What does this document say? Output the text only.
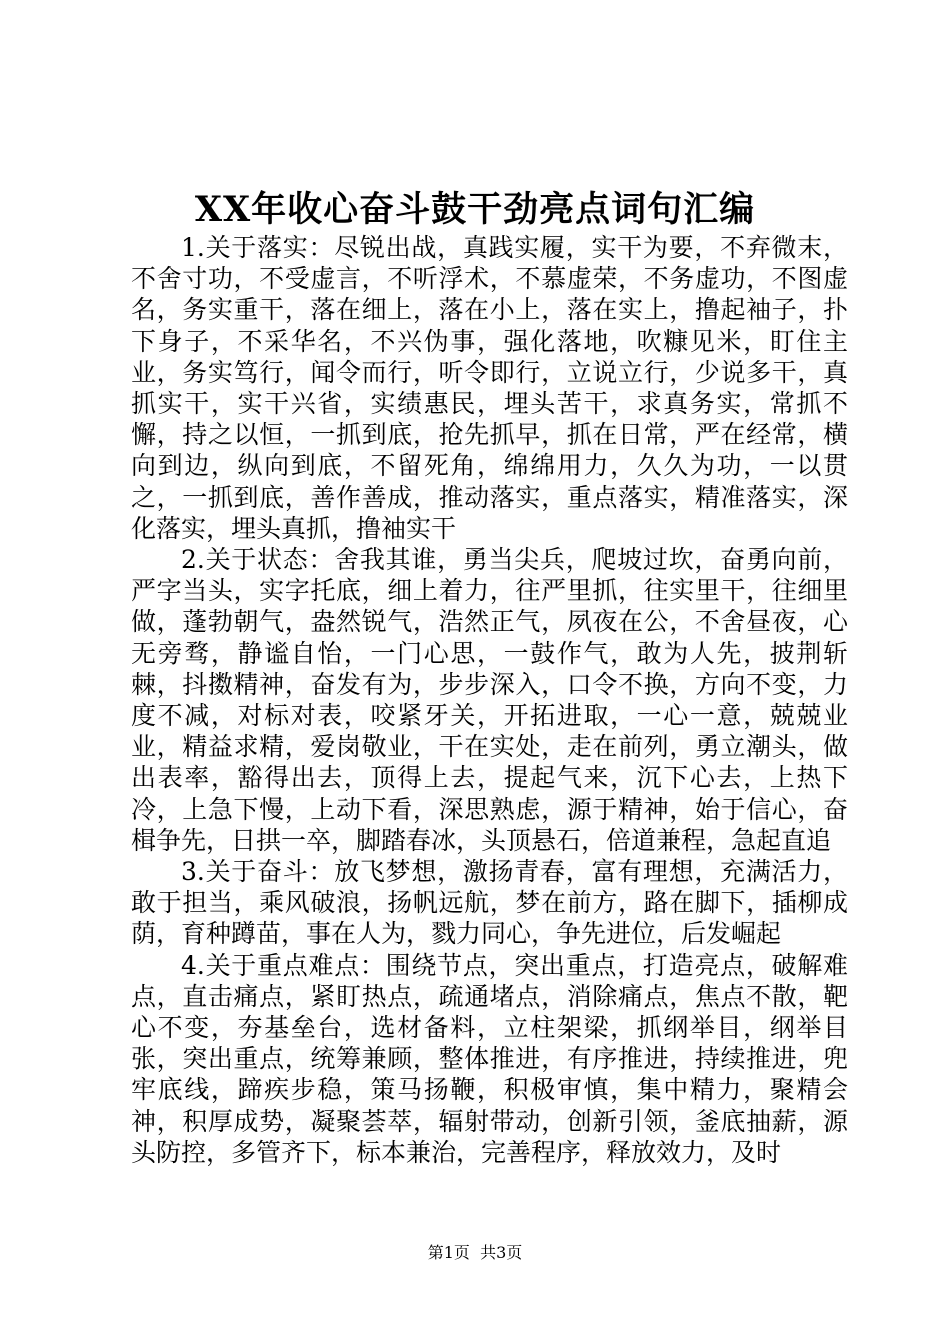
XX年收心奋斗鼓干劲亮点词句汇编

1.关于落实：尽锐出战，真践实履，实干为要，不弃微末，不舍寸功，不受虚言，不听浮术，不慕虚荣，不务虚功，不图虚名，务实重干，落在细上，落在小上，落在实上，撸起袖子，扑下身子，不采华名，不兴伪事，强化落地，吹糠见米，盯住主业，务实笃行，闻令而行，听令即行，立说立行，少说多干，真抓实干，实干兴省，实绩惠民，埋头苦干，求真务实，常抓不懈，持之以恒，一抓到底，抢先抓早，抓在日常，严在经常，横向到边，纵向到底，不留死角，绵绵用力，久久为功，一以贯之，一抓到底，善作善成，推动落实，重点落实，精准落实，深化落实，埋头真抓，撸袖实干

2.关于状态：舍我其谁，勇当尖兵，爬坡过坎，奋勇向前，严字当头，实字托底，细上着力，往严里抓，往实里干，往细里做，蓬勃朝气，盎然锐气，浩然正气，夙夜在公，不舍昼夜，心无旁骛，静谧自怡，一门心思，一鼓作气，敢为人先，披荆斩棘，抖擞精神，奋发有为，步步深入，口令不换，方向不变，力度不减，对标对表，咬紧牙关，开拓进取，一心一意，兢兢业业，精益求精，爱岗敬业，干在实处，走在前列，勇立潮头，做出表率，豁得出去，顶得上去，提起气来，沉下心去，上热下冷，上急下慢，上动下看，深思熟虑，源于精神，始于信心，奋楫争先，日拱一卒，脚踏春冰，头顶悬石，倍道兼程，急起直追

3.关于奋斗：放飞梦想，激扬青春，富有理想，充满活力，敢于担当，乘风破浪，扬帆远航，梦在前方，路在脚下，插柳成荫，育种蹲苗，事在人为，戮力同心，争先进位，后发崛起

4.关于重点难点：围绕节点，突出重点，打造亮点，破解难点，直击痛点，紧盯热点，疏通堵点，消除痛点，焦点不散，靶心不变，夯基垒台，选材备料，立柱架梁，抓纲举目，纲举目张，突出重点，统筹兼顾，整体推进，有序推进，持续推进，兜牢底线，蹄疾步稳，策马扬鞭，积极审慎，集中精力，聚精会神，积厚成势，凝聚荟萃，辐射带动，创新引领，釜底抽薪，源头防控，多管齐下，标本兼治，完善程序，释放效力，及时

第1页  共3页
